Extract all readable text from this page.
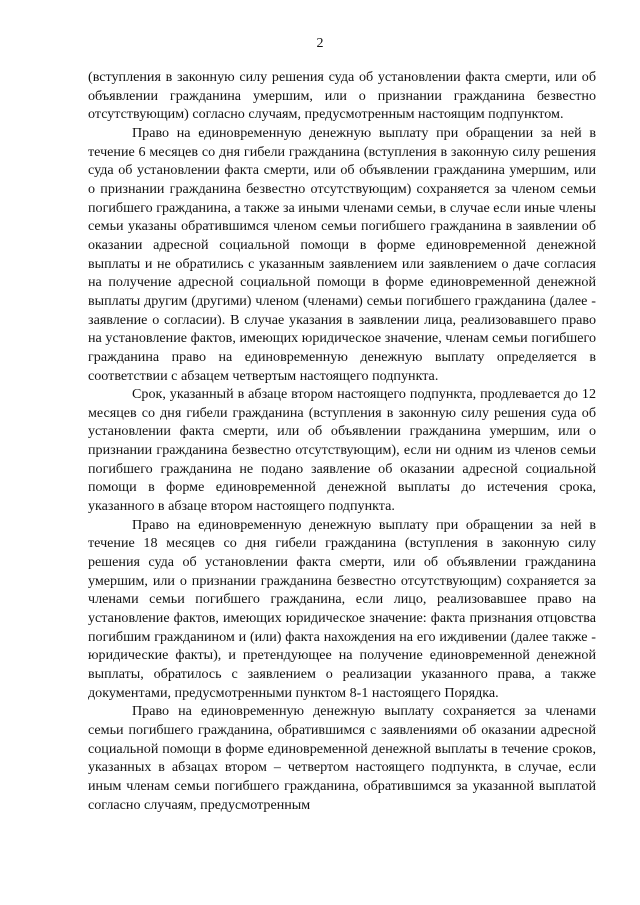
2

(вступления в законную силу решения суда об установлении факта смерти, или об объявлении гражданина умершим, или о признании гражданина безвестно отсутствующим) согласно случаям, предусмотренным настоящим подпунктом.

Право на единовременную денежную выплату при обращении за ней в течение 6 месяцев со дня гибели гражданина (вступления в законную силу решения суда об установлении факта смерти, или об объявлении гражданина умершим, или о признании гражданина безвестно отсутствующим) сохраняется за членом семьи погибшего гражданина, а также за иными членами семьи, в случае если иные члены семьи указаны обратившимся членом семьи погибшего гражданина в заявлении об оказании адресной социальной помощи в форме единовременной денежной выплаты и не обратились с указанным заявлением или заявлением о даче согласия на получение адресной социальной помощи в форме единовременной денежной выплаты другим (другими) членом (членами) семьи погибшего гражданина (далее - заявление о согласии). В случае указания в заявлении лица, реализовавшего право на установление фактов, имеющих юридическое значение, членам семьи погибшего гражданина право на единовременную денежную выплату определяется в соответствии с абзацем четвертым настоящего подпункта.

Срок, указанный в абзаце втором настоящего подпункта, продлевается до 12 месяцев со дня гибели гражданина (вступления в законную силу решения суда об установлении факта смерти, или об объявлении гражданина умершим, или о признании гражданина безвестно отсутствующим), если ни одним из членов семьи погибшего гражданина не подано заявление об оказании адресной социальной помощи в форме единовременной денежной выплаты до истечения срока, указанного в абзаце втором настоящего подпункта.

Право на единовременную денежную выплату при обращении за ней в течение 18 месяцев со дня гибели гражданина (вступления в законную силу решения суда об установлении факта смерти, или об объявлении гражданина умершим, или о признании гражданина безвестно отсутствующим) сохраняется за членами семьи погибшего гражданина, если лицо, реализовавшее право на установление фактов, имеющих юридическое значение: факта признания отцовства погибшим гражданином и (или) факта нахождения на его иждивении (далее также - юридические факты), и претендующее на получение единовременной денежной выплаты, обратилось с заявлением о реализации указанного права, а также документами, предусмотренными пунктом 8-1 настоящего Порядка.

Право на единовременную денежную выплату сохраняется за членами семьи погибшего гражданина, обратившимся с заявлениями об оказании адресной социальной помощи в форме единовременной денежной выплаты в течение сроков, указанных в абзацах втором – четвертом настоящего подпункта, в случае, если иным членам семьи погибшего гражданина, обратившимся за указанной выплатой согласно случаям, предусмотренным
